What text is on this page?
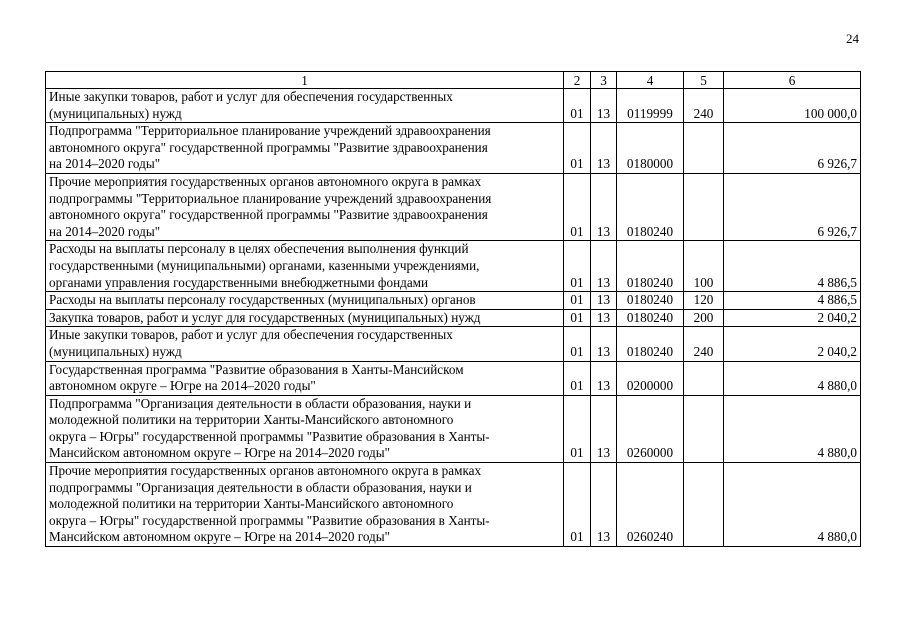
24
1	2	3	4	5	6
Иные закупки товаров, работ и услуг для обеспечения государственных
(муниципальных) нужд	01	13	0119999	240	100 000,0
Подпрограмма "Территориальное планирование учреждений здравоохранения
автономного округа" государственной программы "Развитие здравоохранения
на 2014–2020 годы"	01	13	0180000		6 926,7
Прочие мероприятия государственных органов автономного округа в рамках
подпрограммы "Территориальное планирование учреждений здравоохранения
автономного округа" государственной программы "Развитие здравоохранения
на 2014–2020 годы"	01	13	0180240		6 926,7
Расходы на выплаты персоналу в целях обеспечения выполнения функций
государственными (муниципальными) органами, казенными учреждениями,
органами управления государственными внебюджетными фондами	01	13	0180240	100	4 886,5
Расходы на выплаты персоналу государственных (муниципальных) органов	01	13	0180240	120	4 886,5
Закупка товаров, работ и услуг для государственных (муниципальных) нужд	01	13	0180240	200	2 040,2
Иные закупки товаров, работ и услуг для обеспечения государственных
(муниципальных) нужд	01	13	0180240	240	2 040,2
Государственная программа "Развитие образования в Ханты-Мансийском
автономном округе – Югре на 2014–2020 годы"	01	13	0200000		4 880,0
Подпрограмма "Организация деятельности в области образования, науки и
молодежной политики на территории Ханты-Мансийского автономного
округа – Югры" государственной программы "Развитие образования в Ханты-
Мансийском автономном округе – Югре на 2014–2020 годы"	01	13	0260000		4 880,0
Прочие мероприятия государственных органов автономного округа в рамках
подпрограммы "Организация деятельности в области образования, науки и
молодежной политики на территории Ханты-Мансийского автономного
округа – Югры" государственной программы "Развитие образования в Ханты-
Мансийском автономном округе – Югре на 2014–2020 годы"	01	13	0260240		4 880,0
